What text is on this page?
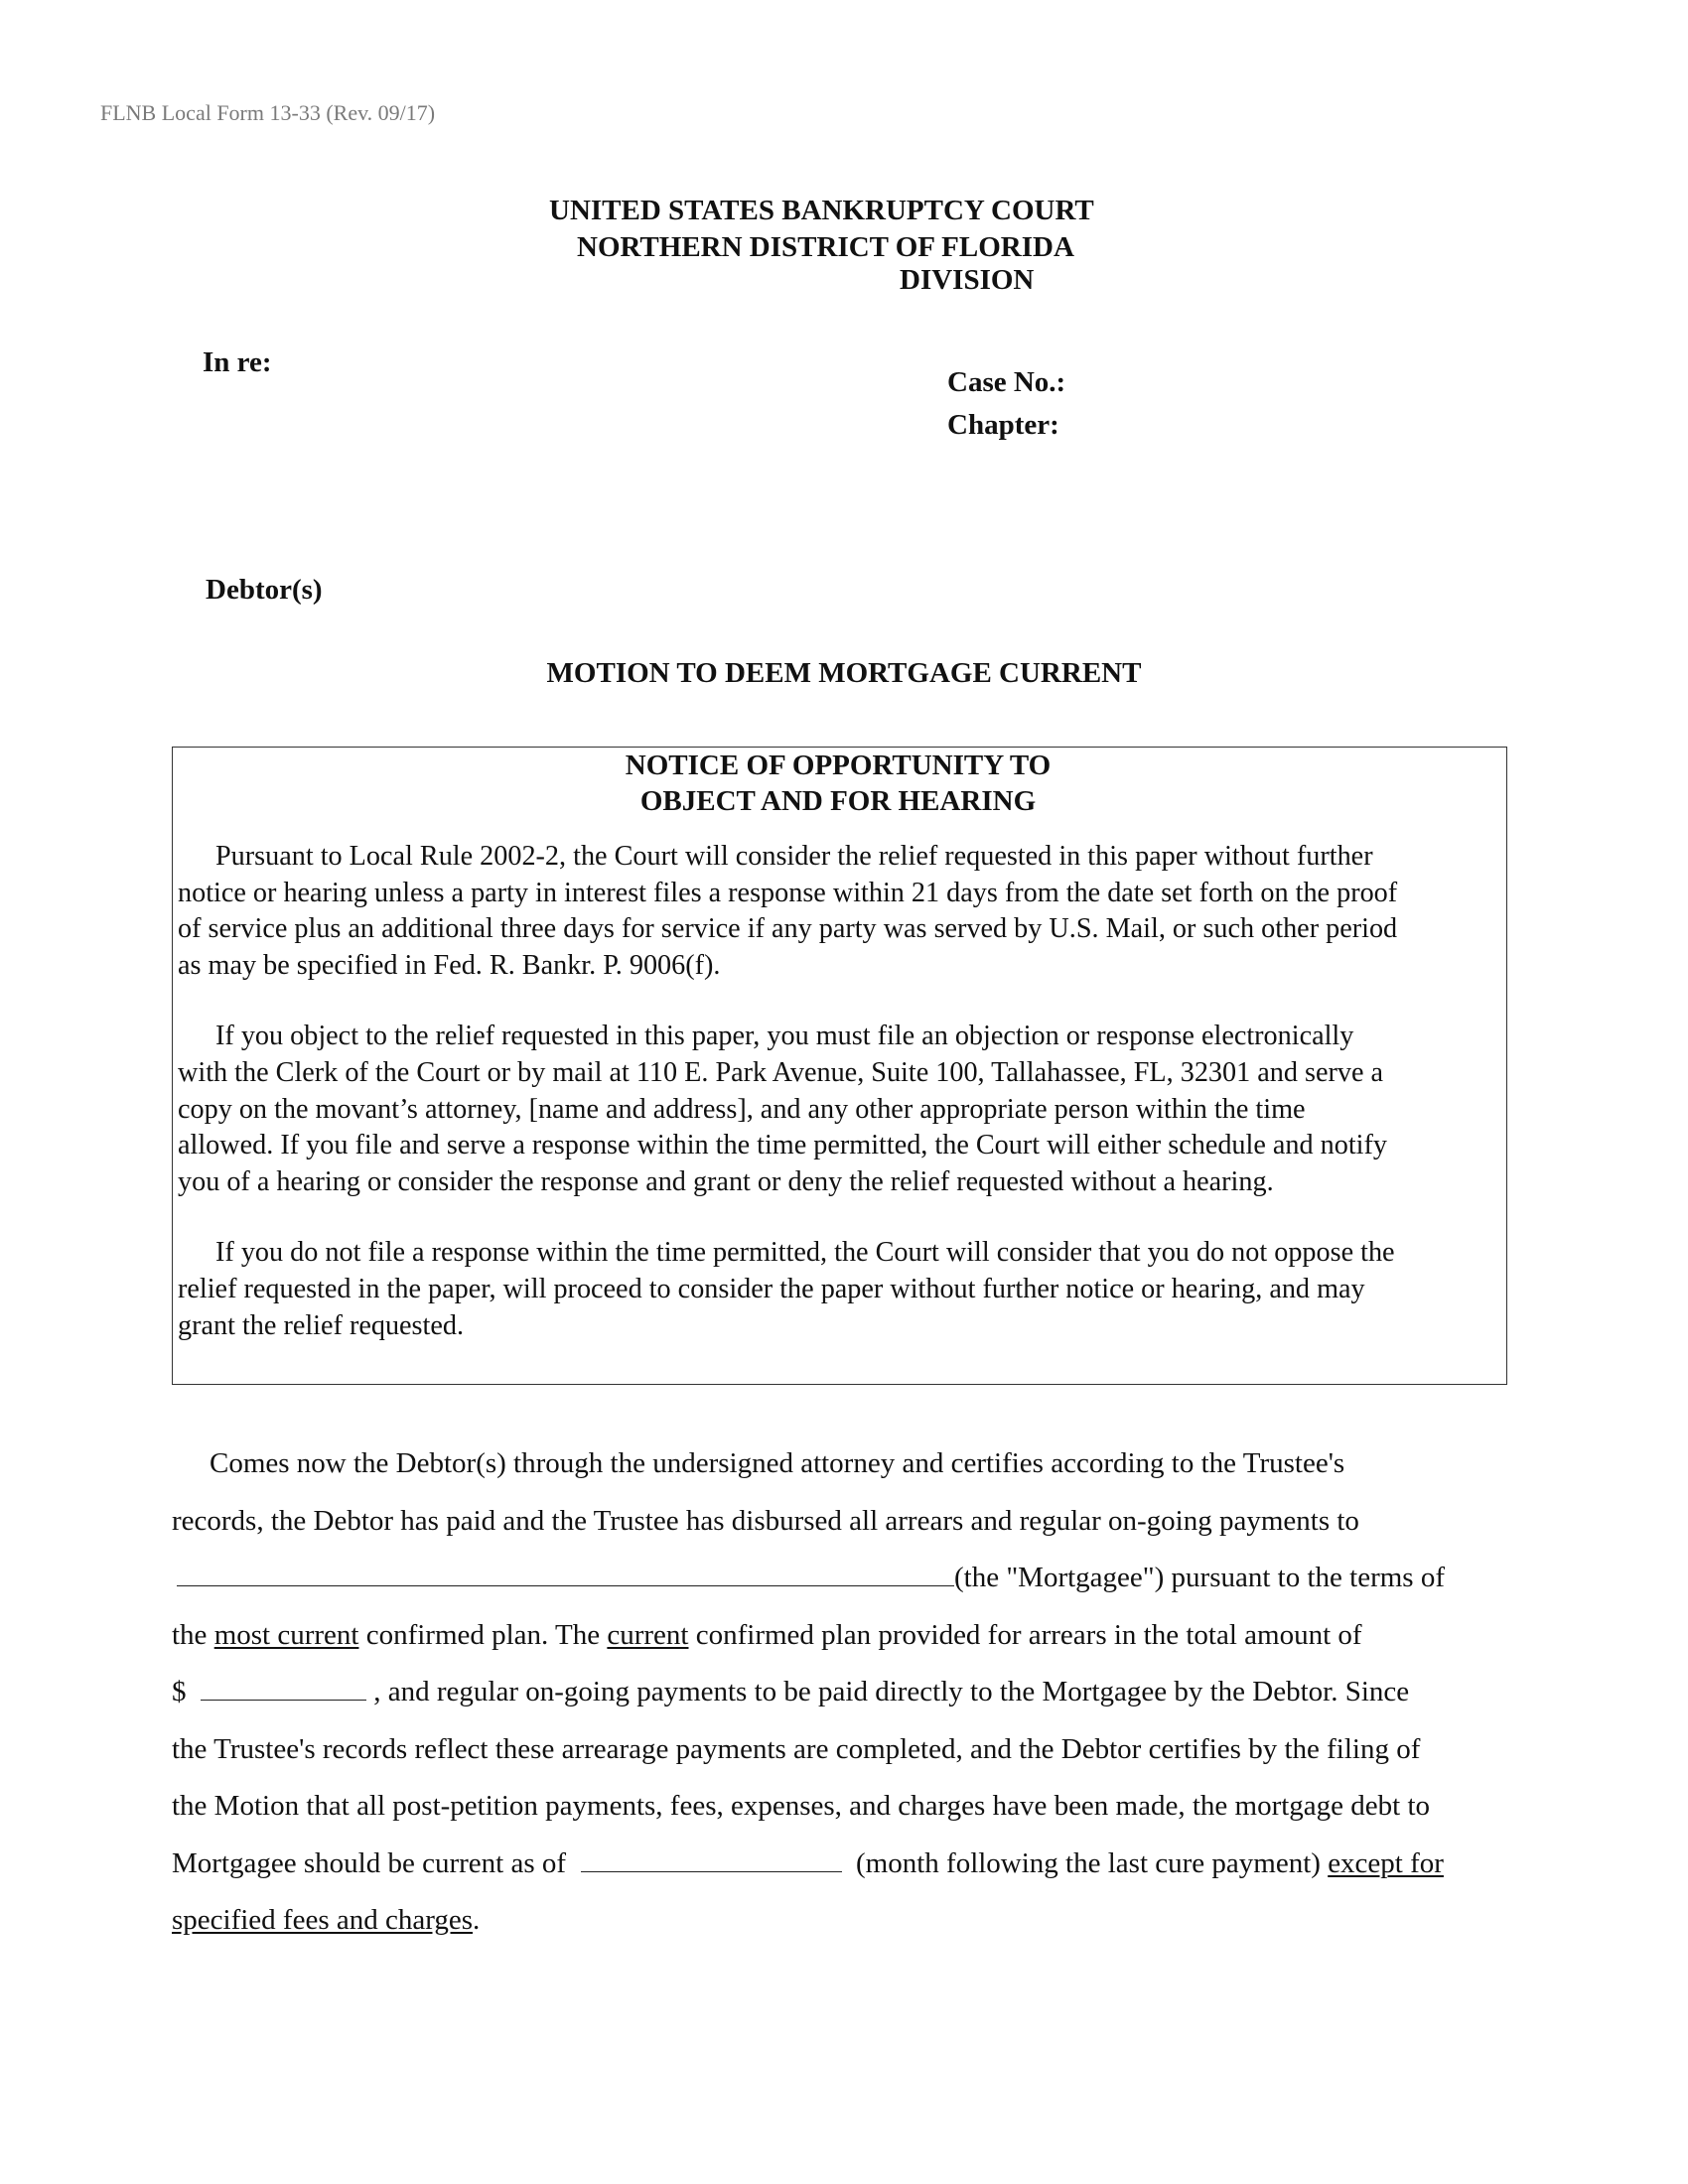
FLNB Local Form 13-33 (Rev. 09/17)
UNITED STATES BANKRUPTCY COURT
NORTHERN DISTRICT OF FLORIDA
DIVISION
In re:
Case No.:
Chapter:
Debtor(s)
MOTION TO DEEM MORTGAGE CURRENT
NOTICE OF OPPORTUNITY TO
OBJECT AND FOR HEARING
Pursuant to Local Rule 2002-2, the Court will consider the relief requested in this paper without further
notice or hearing unless a party in interest files a response within 21 days from the date set forth on the proof
of service plus an additional three days for service if any party was served by U.S. Mail, or such other period
as may be specified in Fed. R. Bankr. P. 9006(f).
If you object to the relief requested in this paper, you must file an objection or response electronically
with the Clerk of the Court or by mail at 110 E. Park Avenue, Suite 100, Tallahassee, FL, 32301 and serve a
copy on the movant’s attorney, [name and address], and any other appropriate person within the time
allowed. If you file and serve a response within the time permitted, the Court will either schedule and notify
you of a hearing or consider the response and grant or deny the relief requested without a hearing.
If you do not file a response within the time permitted, the Court will consider that you do not oppose the
relief requested in the paper, will proceed to consider the paper without further notice or hearing, and may
grant the relief requested.
Comes now the Debtor(s) through the undersigned attorney and certifies according to the Trustee's
records, the Debtor has paid and the Trustee has disbursed all arrears and regular on-going payments to
(the "Mortgagee") pursuant to the terms of
the most current confirmed plan. The current confirmed plan provided for arrears in the total amount of
$	, and regular on-going payments to be paid directly to the Mortgagee by the Debtor. Since
the Trustee's records reflect these arrearage payments are completed, and the Debtor certifies by the filing of
the Motion that all post-petition payments, fees, expenses, and charges have been made, the mortgage debt to
Mortgagee should be current as of	(month following the last cure payment) except for
specified fees and charges.
